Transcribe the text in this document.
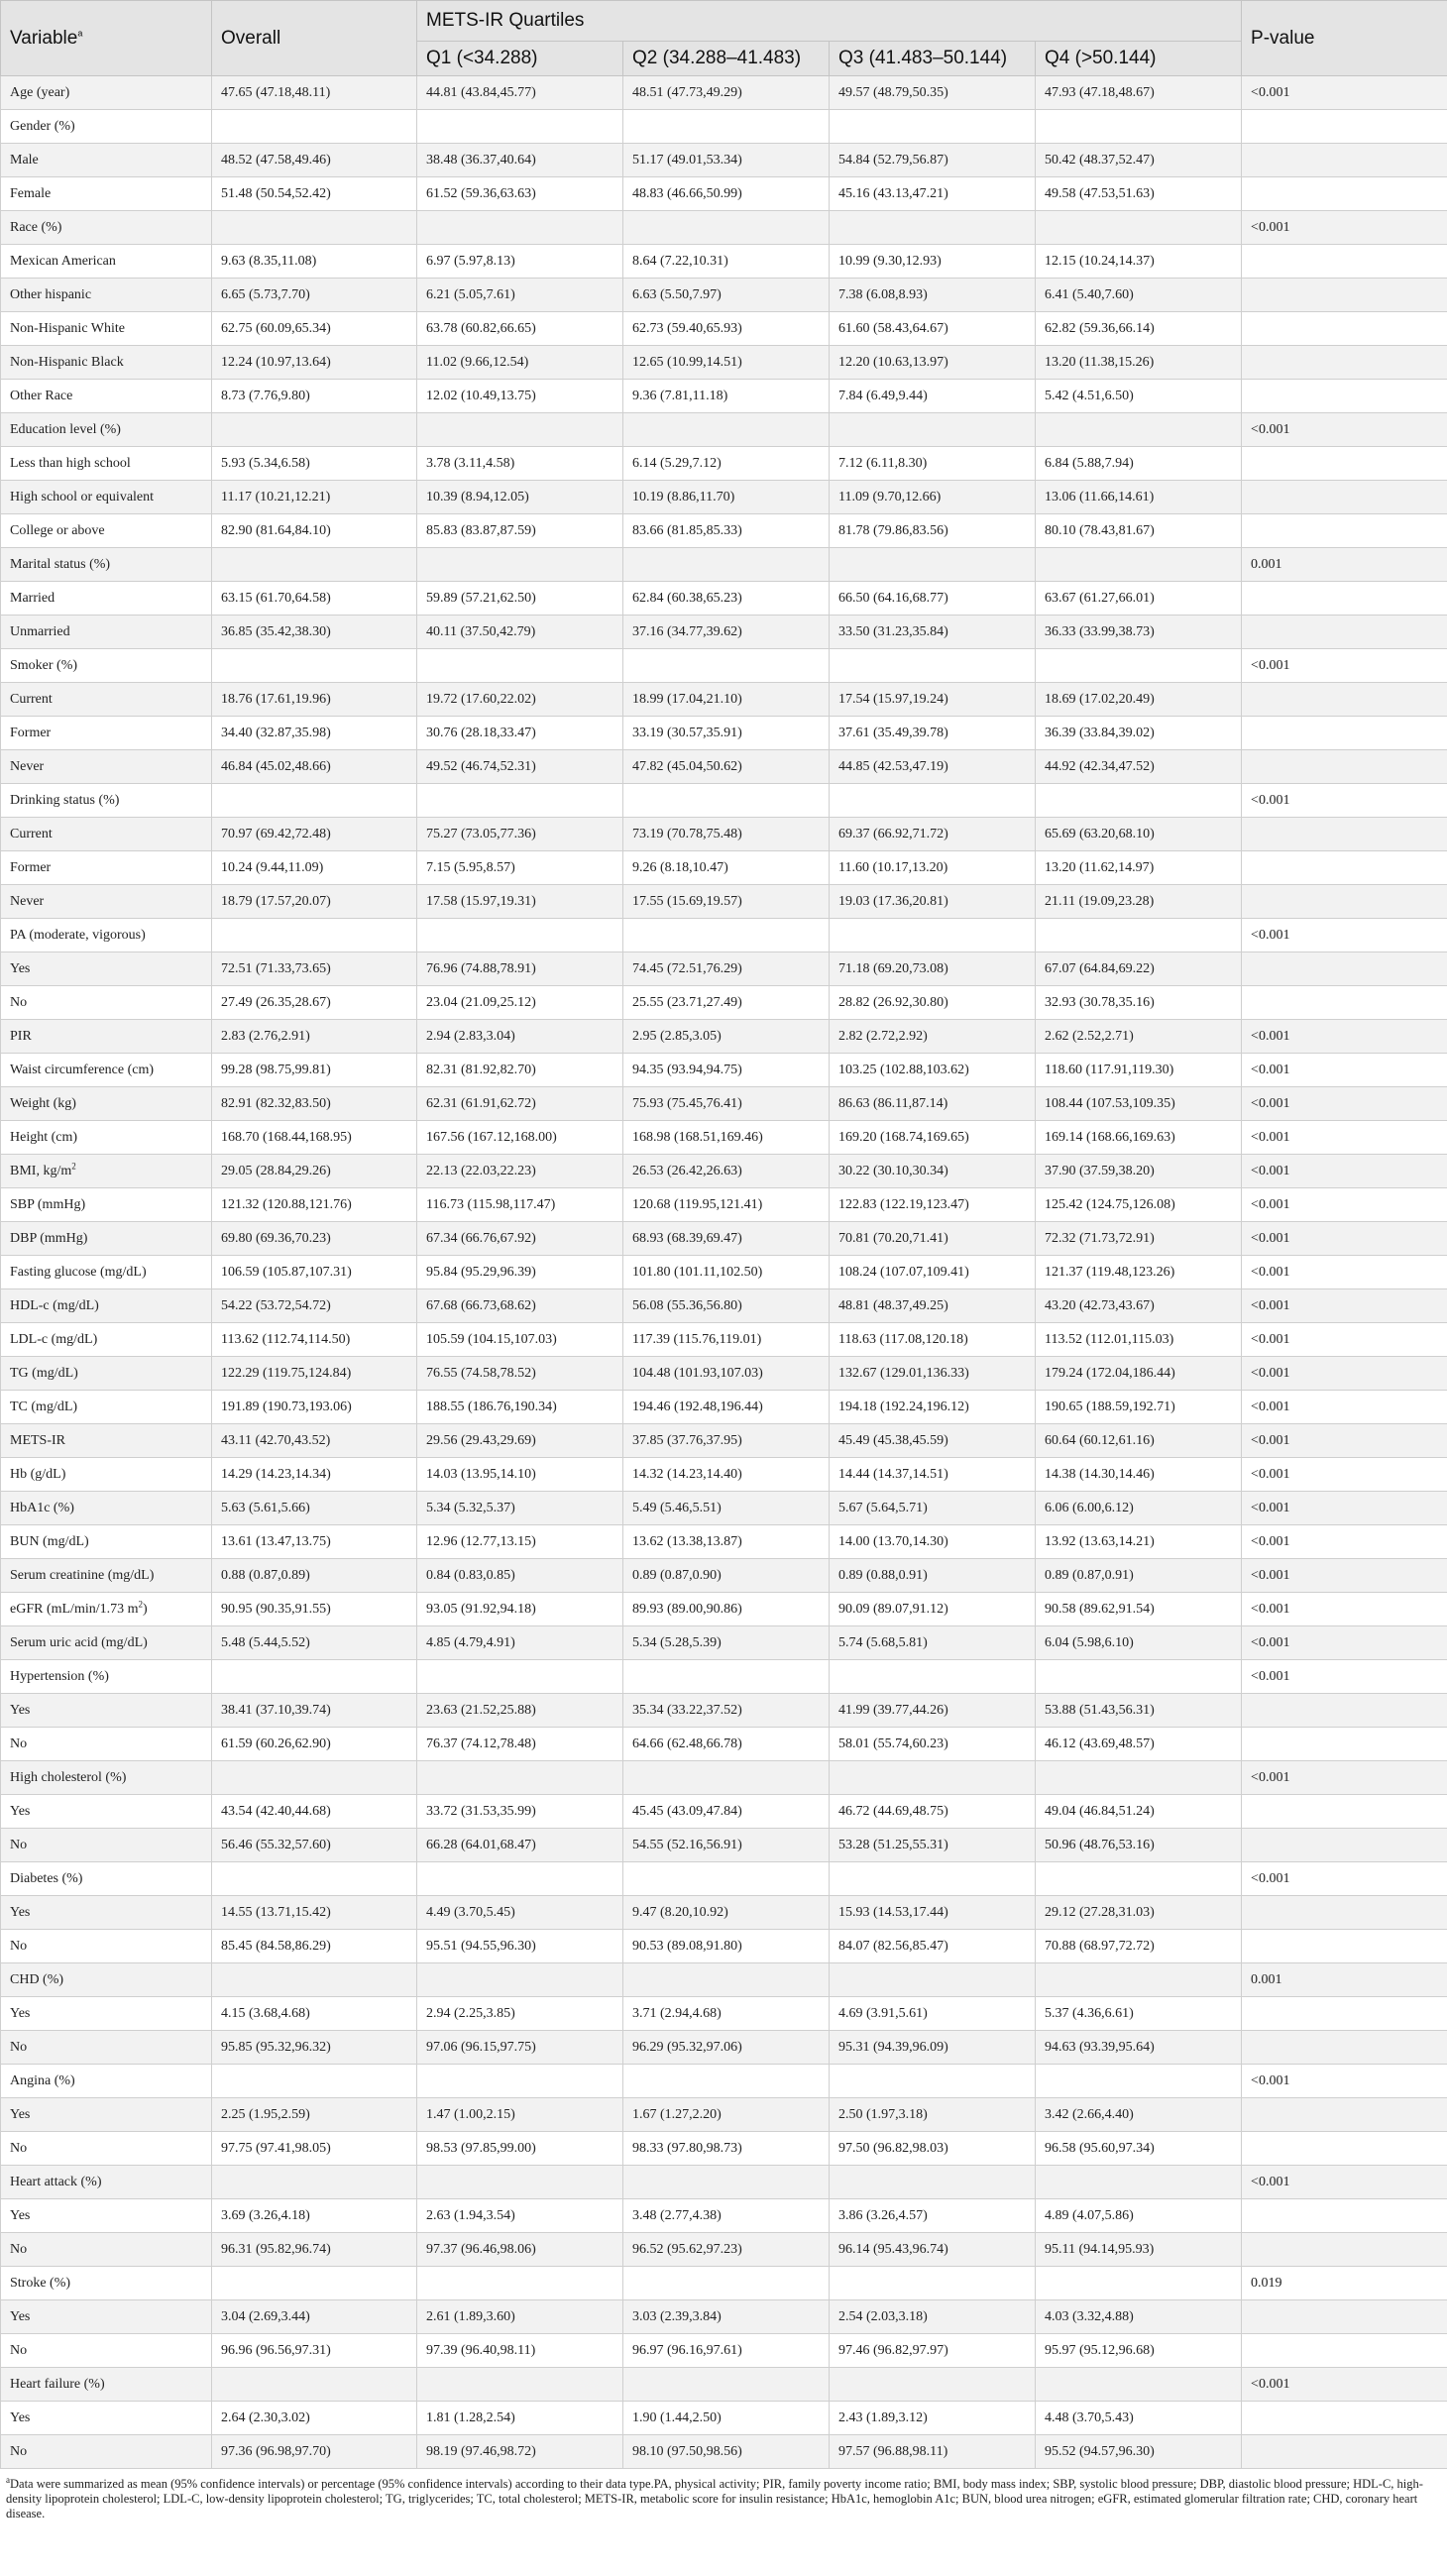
Variable$^a$	Overall	METS-IR Quartiles				P-value
		Q1 (<34.288)	Q2 (34.288–41.483)	Q3 (41.483–50.144)	Q4 (>50.144)	
Age (year)	47.65 (47.18,48.11)	44.81 (43.84,45.77)	48.51 (47.73,49.29)	49.57 (48.79,50.35)	47.93 (47.18,48.67)	<0.001
Gender (%)						
Male	48.52 (47.58,49.46)	38.48 (36.37,40.64)	51.17 (49.01,53.34)	54.84 (52.79,56.87)	50.42 (48.37,52.47)	
Female	51.48 (50.54,52.42)	61.52 (59.36,63.63)	48.83 (46.66,50.99)	45.16 (43.13,47.21)	49.58 (47.53,51.63)	
Race (%)						<0.001
Mexican American	9.63 (8.35,11.08)	6.97 (5.97,8.13)	8.64 (7.22,10.31)	10.99 (9.30,12.93)	12.15 (10.24,14.37)	
Other hispanic	6.65 (5.73,7.70)	6.21 (5.05,7.61)	6.63 (5.50,7.97)	7.38 (6.08,8.93)	6.41 (5.40,7.60)	
Non-Hispanic White	62.75 (60.09,65.34)	63.78 (60.82,66.65)	62.73 (59.40,65.93)	61.60 (58.43,64.67)	62.82 (59.36,66.14)	
Non-Hispanic Black	12.24 (10.97,13.64)	11.02 (9.66,12.54)	12.65 (10.99,14.51)	12.20 (10.63,13.97)	13.20 (11.38,15.26)	
Other Race	8.73 (7.76,9.80)	12.02 (10.49,13.75)	9.36 (7.81,11.18)	7.84 (6.49,9.44)	5.42 (4.51,6.50)	
Education level (%)						<0.001
Less than high school	5.93 (5.34,6.58)	3.78 (3.11,4.58)	6.14 (5.29,7.12)	7.12 (6.11,8.30)	6.84 (5.88,7.94)	
High school or equivalent	11.17 (10.21,12.21)	10.39 (8.94,12.05)	10.19 (8.86,11.70)	11.09 (9.70,12.66)	13.06 (11.66,14.61)	
College or above	82.90 (81.64,84.10)	85.83 (83.87,87.59)	83.66 (81.85,85.33)	81.78 (79.86,83.56)	80.10 (78.43,81.67)	
Marital status (%)						0.001
Married	63.15 (61.70,64.58)	59.89 (57.21,62.50)	62.84 (60.38,65.23)	66.50 (64.16,68.77)	63.67 (61.27,66.01)	
Unmarried	36.85 (35.42,38.30)	40.11 (37.50,42.79)	37.16 (34.77,39.62)	33.50 (31.23,35.84)	36.33 (33.99,38.73)	
Smoker (%)						<0.001
Current	18.76 (17.61,19.96)	19.72 (17.60,22.02)	18.99 (17.04,21.10)	17.54 (15.97,19.24)	18.69 (17.02,20.49)	
Former	34.40 (32.87,35.98)	30.76 (28.18,33.47)	33.19 (30.57,35.91)	37.61 (35.49,39.78)	36.39 (33.84,39.02)	
Never	46.84 (45.02,48.66)	49.52 (46.74,52.31)	47.82 (45.04,50.62)	44.85 (42.53,47.19)	44.92 (42.34,47.52)	
Drinking status (%)						<0.001
Current	70.97 (69.42,72.48)	75.27 (73.05,77.36)	73.19 (70.78,75.48)	69.37 (66.92,71.72)	65.69 (63.20,68.10)	
Former	10.24 (9.44,11.09)	7.15 (5.95,8.57)	9.26 (8.18,10.47)	11.60 (10.17,13.20)	13.20 (11.62,14.97)	
Never	18.79 (17.57,20.07)	17.58 (15.97,19.31)	17.55 (15.69,19.57)	19.03 (17.36,20.81)	21.11 (19.09,23.28)	
PA (moderate, vigorous)						<0.001
Yes	72.51 (71.33,73.65)	76.96 (74.88,78.91)	74.45 (72.51,76.29)	71.18 (69.20,73.08)	67.07 (64.84,69.22)	
No	27.49 (26.35,28.67)	23.04 (21.09,25.12)	25.55 (23.71,27.49)	28.82 (26.92,30.80)	32.93 (30.78,35.16)	
PIR	2.83 (2.76,2.91)	2.94 (2.83,3.04)	2.95 (2.85,3.05)	2.82 (2.72,2.92)	2.62 (2.52,2.71)	<0.001
Waist circumference (cm)	99.28 (98.75,99.81)	82.31 (81.92,82.70)	94.35 (93.94,94.75)	103.25 (102.88,103.62)	118.60 (117.91,119.30)	<0.001
Weight (kg)	82.91 (82.32,83.50)	62.31 (61.91,62.72)	75.93 (75.45,76.41)	86.63 (86.11,87.14)	108.44 (107.53,109.35)	<0.001
Height (cm)	168.70 (168.44,168.95)	167.56 (167.12,168.00)	168.98 (168.51,169.46)	169.20 (168.74,169.65)	169.14 (168.66,169.63)	<0.001
BMI, $kg/m^2$	29.05 (28.84,29.26)	22.13 (22.03,22.23)	26.53 (26.42,26.63)	30.22 (30.10,30.34)	37.90 (37.59,38.20)	<0.001
SBP (mmHg)	121.32 (120.88,121.76)	116.73 (115.98,117.47)	120.68 (119.95,121.41)	122.83 (122.19,123.47)	125.42 (124.75,126.08)	<0.001
DBP (mmHg)	69.80 (69.36,70.23)	67.34 (66.76,67.92)	68.93 (68.39,69.47)	70.81 (70.20,71.41)	72.32 (71.73,72.91)	<0.001
Fasting glucose (mg/dL)	106.59 (105.87,107.31)	95.84 (95.29,96.39)	101.80 (101.11,102.50)	108.24 (107.07,109.41)	121.37 (119.48,123.26)	<0.001
HDL-c (mg/dL)	54.22 (53.72,54.72)	67.68 (66.73,68.62)	56.08 (55.36,56.80)	48.81 (48.37,49.25)	43.20 (42.73,43.67)	<0.001
LDL-c (mg/dL)	113.62 (112.74,114.50)	105.59 (104.15,107.03)	117.39 (115.76,119.01)	118.63 (117.08,120.18)	113.52 (112.01,115.03)	<0.001
TG (mg/dL)	122.29 (119.75,124.84)	76.55 (74.58,78.52)	104.48 (101.93,107.03)	132.67 (129.01,136.33)	179.24 (172.04,186.44)	<0.001
TC (mg/dL)	191.89 (190.73,193.06)	188.55 (186.76,190.34)	194.46 (192.48,196.44)	194.18 (192.24,196.12)	190.65 (188.59,192.71)	<0.001
METS-IR	43.11 (42.70,43.52)	29.56 (29.43,29.69)	37.85 (37.76,37.95)	45.49 (45.38,45.59)	60.64 (60.12,61.16)	<0.001
Hb (g/dL)	14.29 (14.23,14.34)	14.03 (13.95,14.10)	14.32 (14.23,14.40)	14.44 (14.37,14.51)	14.38 (14.30,14.46)	<0.001
HbA1c (%)	5.63 (5.61,5.66)	5.34 (5.32,5.37)	5.49 (5.46,5.51)	5.67 (5.64,5.71)	6.06 (6.00,6.12)	<0.001
BUN (mg/dL)	13.61 (13.47,13.75)	12.96 (12.77,13.15)	13.62 (13.38,13.87)	14.00 (13.70,14.30)	13.92 (13.63,14.21)	<0.001
Serum creatinine (mg/dL)	0.88 (0.87,0.89)	0.84 (0.83,0.85)	0.89 (0.87,0.90)	0.89 (0.88,0.91)	0.89 (0.87,0.91)	<0.001
eGFR (mL/min/1.73 $m^2$)	90.95 (90.35,91.55)	93.05 (91.92,94.18)	89.93 (89.00,90.86)	90.09 (89.07,91.12)	90.58 (89.62,91.54)	<0.001
Serum uric acid (mg/dL)	5.48 (5.44,5.52)	4.85 (4.79,4.91)	5.34 (5.28,5.39)	5.74 (5.68,5.81)	6.04 (5.98,6.10)	<0.001
Hypertension (%)						<0.001
Yes	38.41 (37.10,39.74)	23.63 (21.52,25.88)	35.34 (33.22,37.52)	41.99 (39.77,44.26)	53.88 (51.43,56.31)	
No	61.59 (60.26,62.90)	76.37 (74.12,78.48)	64.66 (62.48,66.78)	58.01 (55.74,60.23)	46.12 (43.69,48.57)	
High cholesterol (%)						<0.001
Yes	43.54 (42.40,44.68)	33.72 (31.53,35.99)	45.45 (43.09,47.84)	46.72 (44.69,48.75)	49.04 (46.84,51.24)	
No	56.46 (55.32,57.60)	66.28 (64.01,68.47)	54.55 (52.16,56.91)	53.28 (51.25,55.31)	50.96 (48.76,53.16)	
Diabetes (%)						<0.001
Yes	14.55 (13.71,15.42)	4.49 (3.70,5.45)	9.47 (8.20,10.92)	15.93 (14.53,17.44)	29.12 (27.28,31.03)	
No	85.45 (84.58,86.29)	95.51 (94.55,96.30)	90.53 (89.08,91.80)	84.07 (82.56,85.47)	70.88 (68.97,72.72)	
CHD (%)						0.001
Yes	4.15 (3.68,4.68)	2.94 (2.25,3.85)	3.71 (2.94,4.68)	4.69 (3.91,5.61)	5.37 (4.36,6.61)	
No	95.85 (95.32,96.32)	97.06 (96.15,97.75)	96.29 (95.32,97.06)	95.31 (94.39,96.09)	94.63 (93.39,95.64)	
Angina (%)						<0.001
Yes	2.25 (1.95,2.59)	1.47 (1.00,2.15)	1.67 (1.27,2.20)	2.50 (1.97,3.18)	3.42 (2.66,4.40)	
No	97.75 (97.41,98.05)	98.53 (97.85,99.00)	98.33 (97.80,98.73)	97.50 (96.82,98.03)	96.58 (95.60,97.34)	
Heart attack (%)						<0.001
Yes	3.69 (3.26,4.18)	2.63 (1.94,3.54)	3.48 (2.77,4.38)	3.86 (3.26,4.57)	4.89 (4.07,5.86)	
No	96.31 (95.82,96.74)	97.37 (96.46,98.06)	96.52 (95.62,97.23)	96.14 (95.43,96.74)	95.11 (94.14,95.93)	
Stroke (%)						0.019
Yes	3.04 (2.69,3.44)	2.61 (1.89,3.60)	3.03 (2.39,3.84)	2.54 (2.03,3.18)	4.03 (3.32,4.88)	
No	96.96 (96.56,97.31)	97.39 (96.40,98.11)	96.97 (96.16,97.61)	97.46 (96.82,97.97)	95.97 (95.12,96.68)	
Heart failure (%)						<0.001
Yes	2.64 (2.30,3.02)	1.81 (1.28,2.54)	1.90 (1.44,2.50)	2.43 (1.89,3.12)	4.48 (3.70,5.43)	
No	97.36 (96.98,97.70)	98.19 (97.46,98.72)	98.10 (97.50,98.56)	97.57 (96.88,98.11)	95.52 (94.57,96.30)	
$^a$Data were summarized as mean (95% confidence intervals) or percentage (95% confidence intervals) according to their data type.PA, physical activity; PIR, family poverty income ratio; BMI, body mass index; SBP, systolic blood pressure; DBP, diastolic blood pressure; HDL-C, high-density lipoprotein cholesterol; LDL-C, low-density lipoprotein cholesterol; TG, triglycerides; TC, total cholesterol; METS-IR, metabolic score for insulin resistance; HbA1c, hemoglobin A1c; BUN, blood urea nitrogen; eGFR, estimated glomerular filtration rate; CHD, coronary heart disease.
